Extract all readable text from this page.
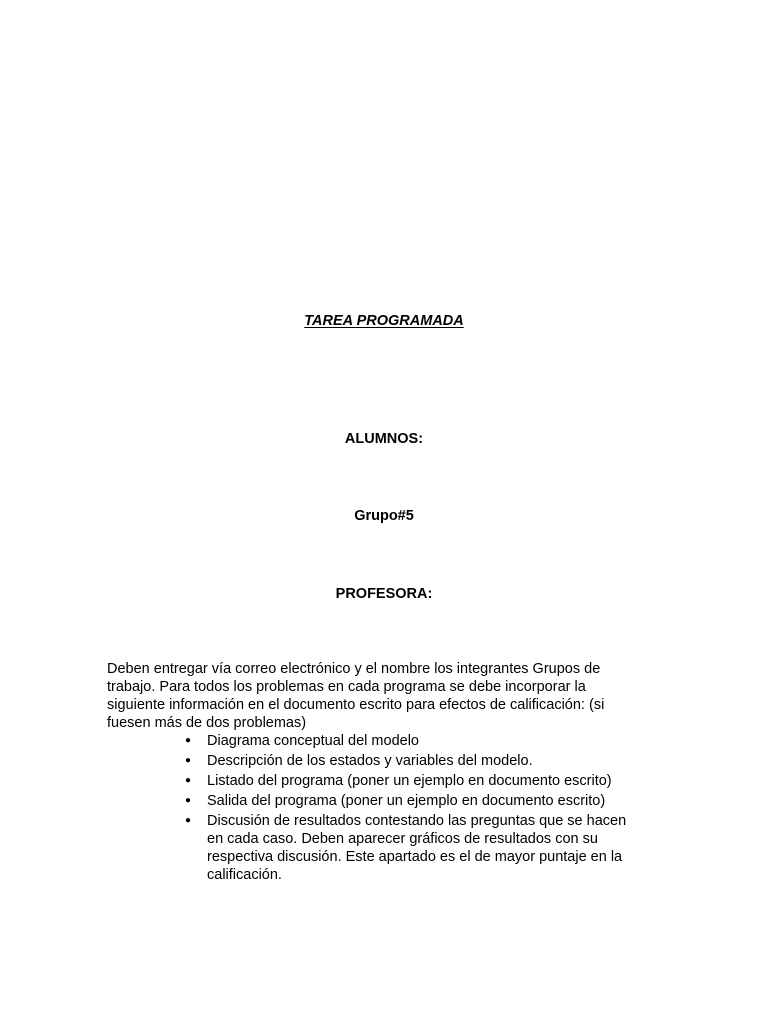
TAREA PROGRAMADA
ALUMNOS:
Grupo#5
PROFESORA:

Deben entregar vía correo electrónico y el nombre los integrantes Grupos de trabajo. Para todos los problemas en cada programa se debe incorporar la siguiente información en el documento escrito para efectos de calificación: (si fuesen más de dos problemas)

● Diagrama conceptual del modelo
● Descripción de los estados y variables del modelo.
● Listado del programa (poner un ejemplo en documento escrito)
● Salida del programa (poner un ejemplo en documento escrito)
● Discusión de resultados contestando las preguntas que se hacen en cada caso. Deben aparecer gráficos de resultados con su respectiva discusión. Este apartado es el de mayor puntaje en la calificación.
